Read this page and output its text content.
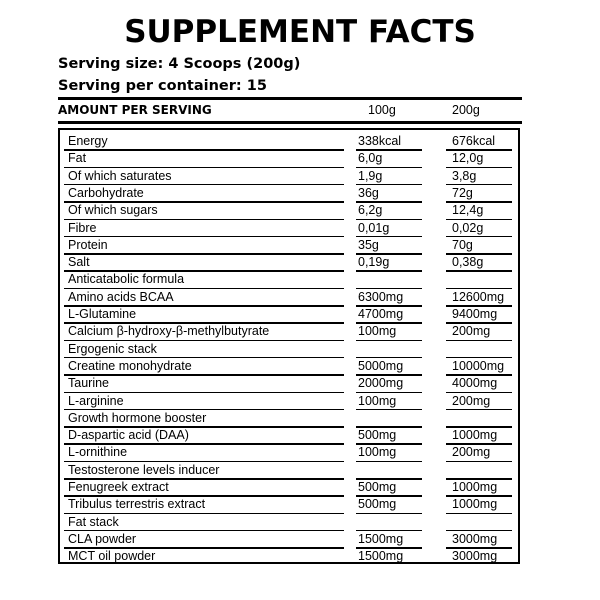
SUPPLEMENT FACTS
Serving size: 4 Scoops (200g)
Serving per container: 15
AMOUNT PER SERVING	100g	200g
Energy	338kcal	676kcal
Fat	6,0g	12,0g
Of which saturates	1,9g	3,8g
Carbohydrate	36g	72g
Of which sugars	6,2g	12,4g
Fibre	0,01g	0,02g
Protein	35g	70g
Salt	0,19g	0,38g
Anticatabolic formula
Amino acids BCAA	6300mg	12600mg
L-Glutamine	4700mg	9400mg
Calcium β-hydroxy-β-methylbutyrate	100mg	200mg
Ergogenic stack
Creatine monohydrate	5000mg	10000mg
Taurine	2000mg	4000mg
L-arginine	100mg	200mg
Growth hormone booster
D-aspartic acid (DAA)	500mg	1000mg
L-ornithine	100mg	200mg
Testosterone levels inducer
Fenugreek extract	500mg	1000mg
Tribulus terrestris extract	500mg	1000mg
Fat stack
CLA powder	1500mg	3000mg
MCT oil powder	1500mg	3000mg
